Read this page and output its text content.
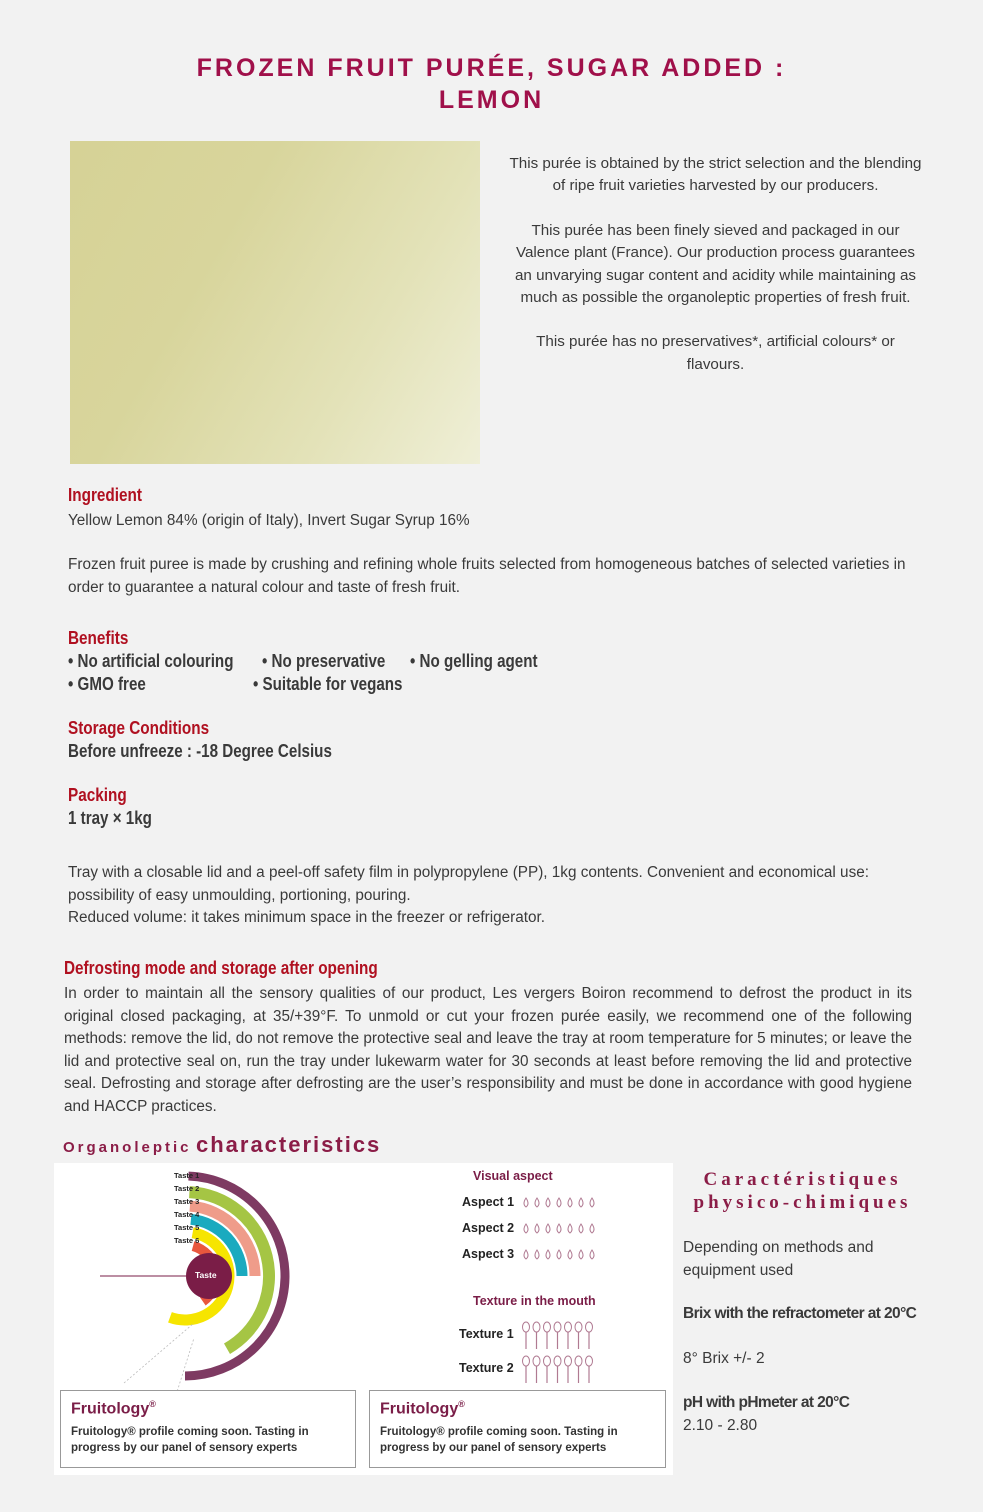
FROZEN FRUIT PURÉE, SUGAR ADDED :
LEMON

This purée is obtained by the strict selection and the blending of ripe fruit varieties harvested by our producers.

This purée has been finely sieved and packaged in our Valence plant (France). Our production process guarantees an unvarying sugar content and acidity while maintaining as much as possible the organoleptic properties of fresh fruit.

This purée has no preservatives*, artificial colours* or flavours.

Ingredient
Yellow Lemon 84% (origin of Italy), Invert Sugar Syrup 16%
Frozen fruit puree is made by crushing and refining whole fruits selected from homogeneous batches of selected varieties in order to guarantee a natural colour and taste of fresh fruit.
Benefits
• No artificial colouring • No preservative • No gelling agent
• GMO free	• Suitable for vegans
Storage Conditions
Before unfreeze : -18 Degree Celsius
Packing
1 tray × 1kg
Tray with a closable lid and a peel-off safety film in polypropylene (PP), 1kg contents. Convenient and economical use: possibility of easy unmoulding, portioning, pouring.
Reduced volume: it takes minimum space in the freezer or refrigerator.
Defrosting mode and storage after opening
In order to maintain all the sensory qualities of our product, Les vergers Boiron recommend to defrost the product in its original closed packaging, at 35/+39°F. To unmold or cut your frozen purée easily, we recommend one of the following methods: remove the lid, do not remove the protective seal and leave the tray at room temperature for 5 minutes; or leave the lid and protective seal on, run the tray under lukewarm water for 30 seconds at least before removing the lid and protective seal. Defrosting and storage after defrosting are the user’s responsibility and must be done in accordance with good hygiene and HACCP practices.
Organoleptic characteristics
Taste
Taste 1
Taste 2
Taste 3
Taste 4
Taste 5
Taste 6
Visual aspect
Aspect 1
Aspect 2
Aspect 3
Texture in the mouth
Texture 1
Texture 2
Fruitology®
Fruitology® profile coming soon. Tasting in progress by our panel of sensory experts
Fruitology®
Fruitology® profile coming soon. Tasting in progress by our panel of sensory experts
Caractéristiques
physico-chimiques
Depending on methods and equipment used
Brix with the refractometer at 20°C
8° Brix +/- 2
pH with pHmeter at 20°C
2.10 - 2.80
